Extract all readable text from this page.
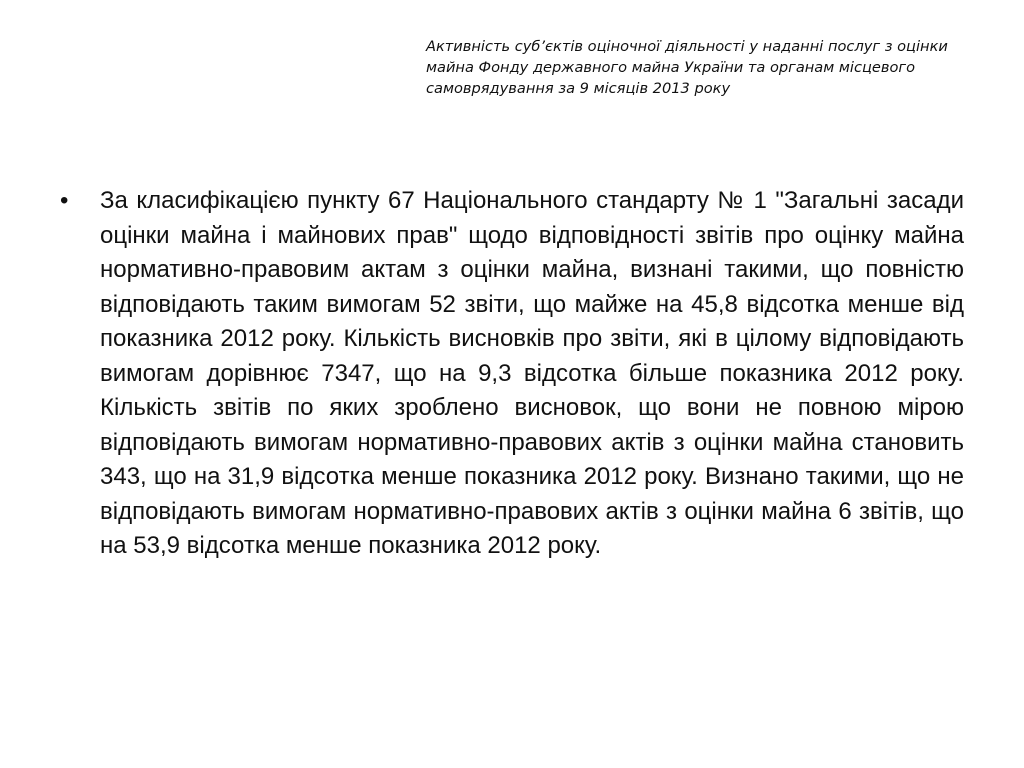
Активність суб’єктів оціночної діяльності у наданні послуг з оцінки майна Фонду державного майна України та органам місцевого самоврядування за 9 місяців 2013 року
• За класифікацією пункту 67 Національного стандарту № 1 "Загальні засади оцінки майна і майнових прав" щодо відповідності звітів про оцінку майна нормативно-правовим актам з оцінки майна, визнані такими, що повністю відповідають таким вимогам 52 звіти, що майже на 45,8 відсотка менше від показника 2012 року. Кількість висновків про звіти, які в цілому відповідають вимогам дорівнює 7347, що на 9,3 відсотка більше показника 2012 року. Кількість звітів по яких зроблено висновок, що вони не повною мірою відповідають вимогам нормативно-правових актів з оцінки майна становить 343, що на 31,9 відсотка менше показника 2012 року. Визнано такими, що не відповідають вимогам нормативно-правових актів з оцінки майна 6 звітів, що на 53,9 відсотка менше показника 2012 року.
